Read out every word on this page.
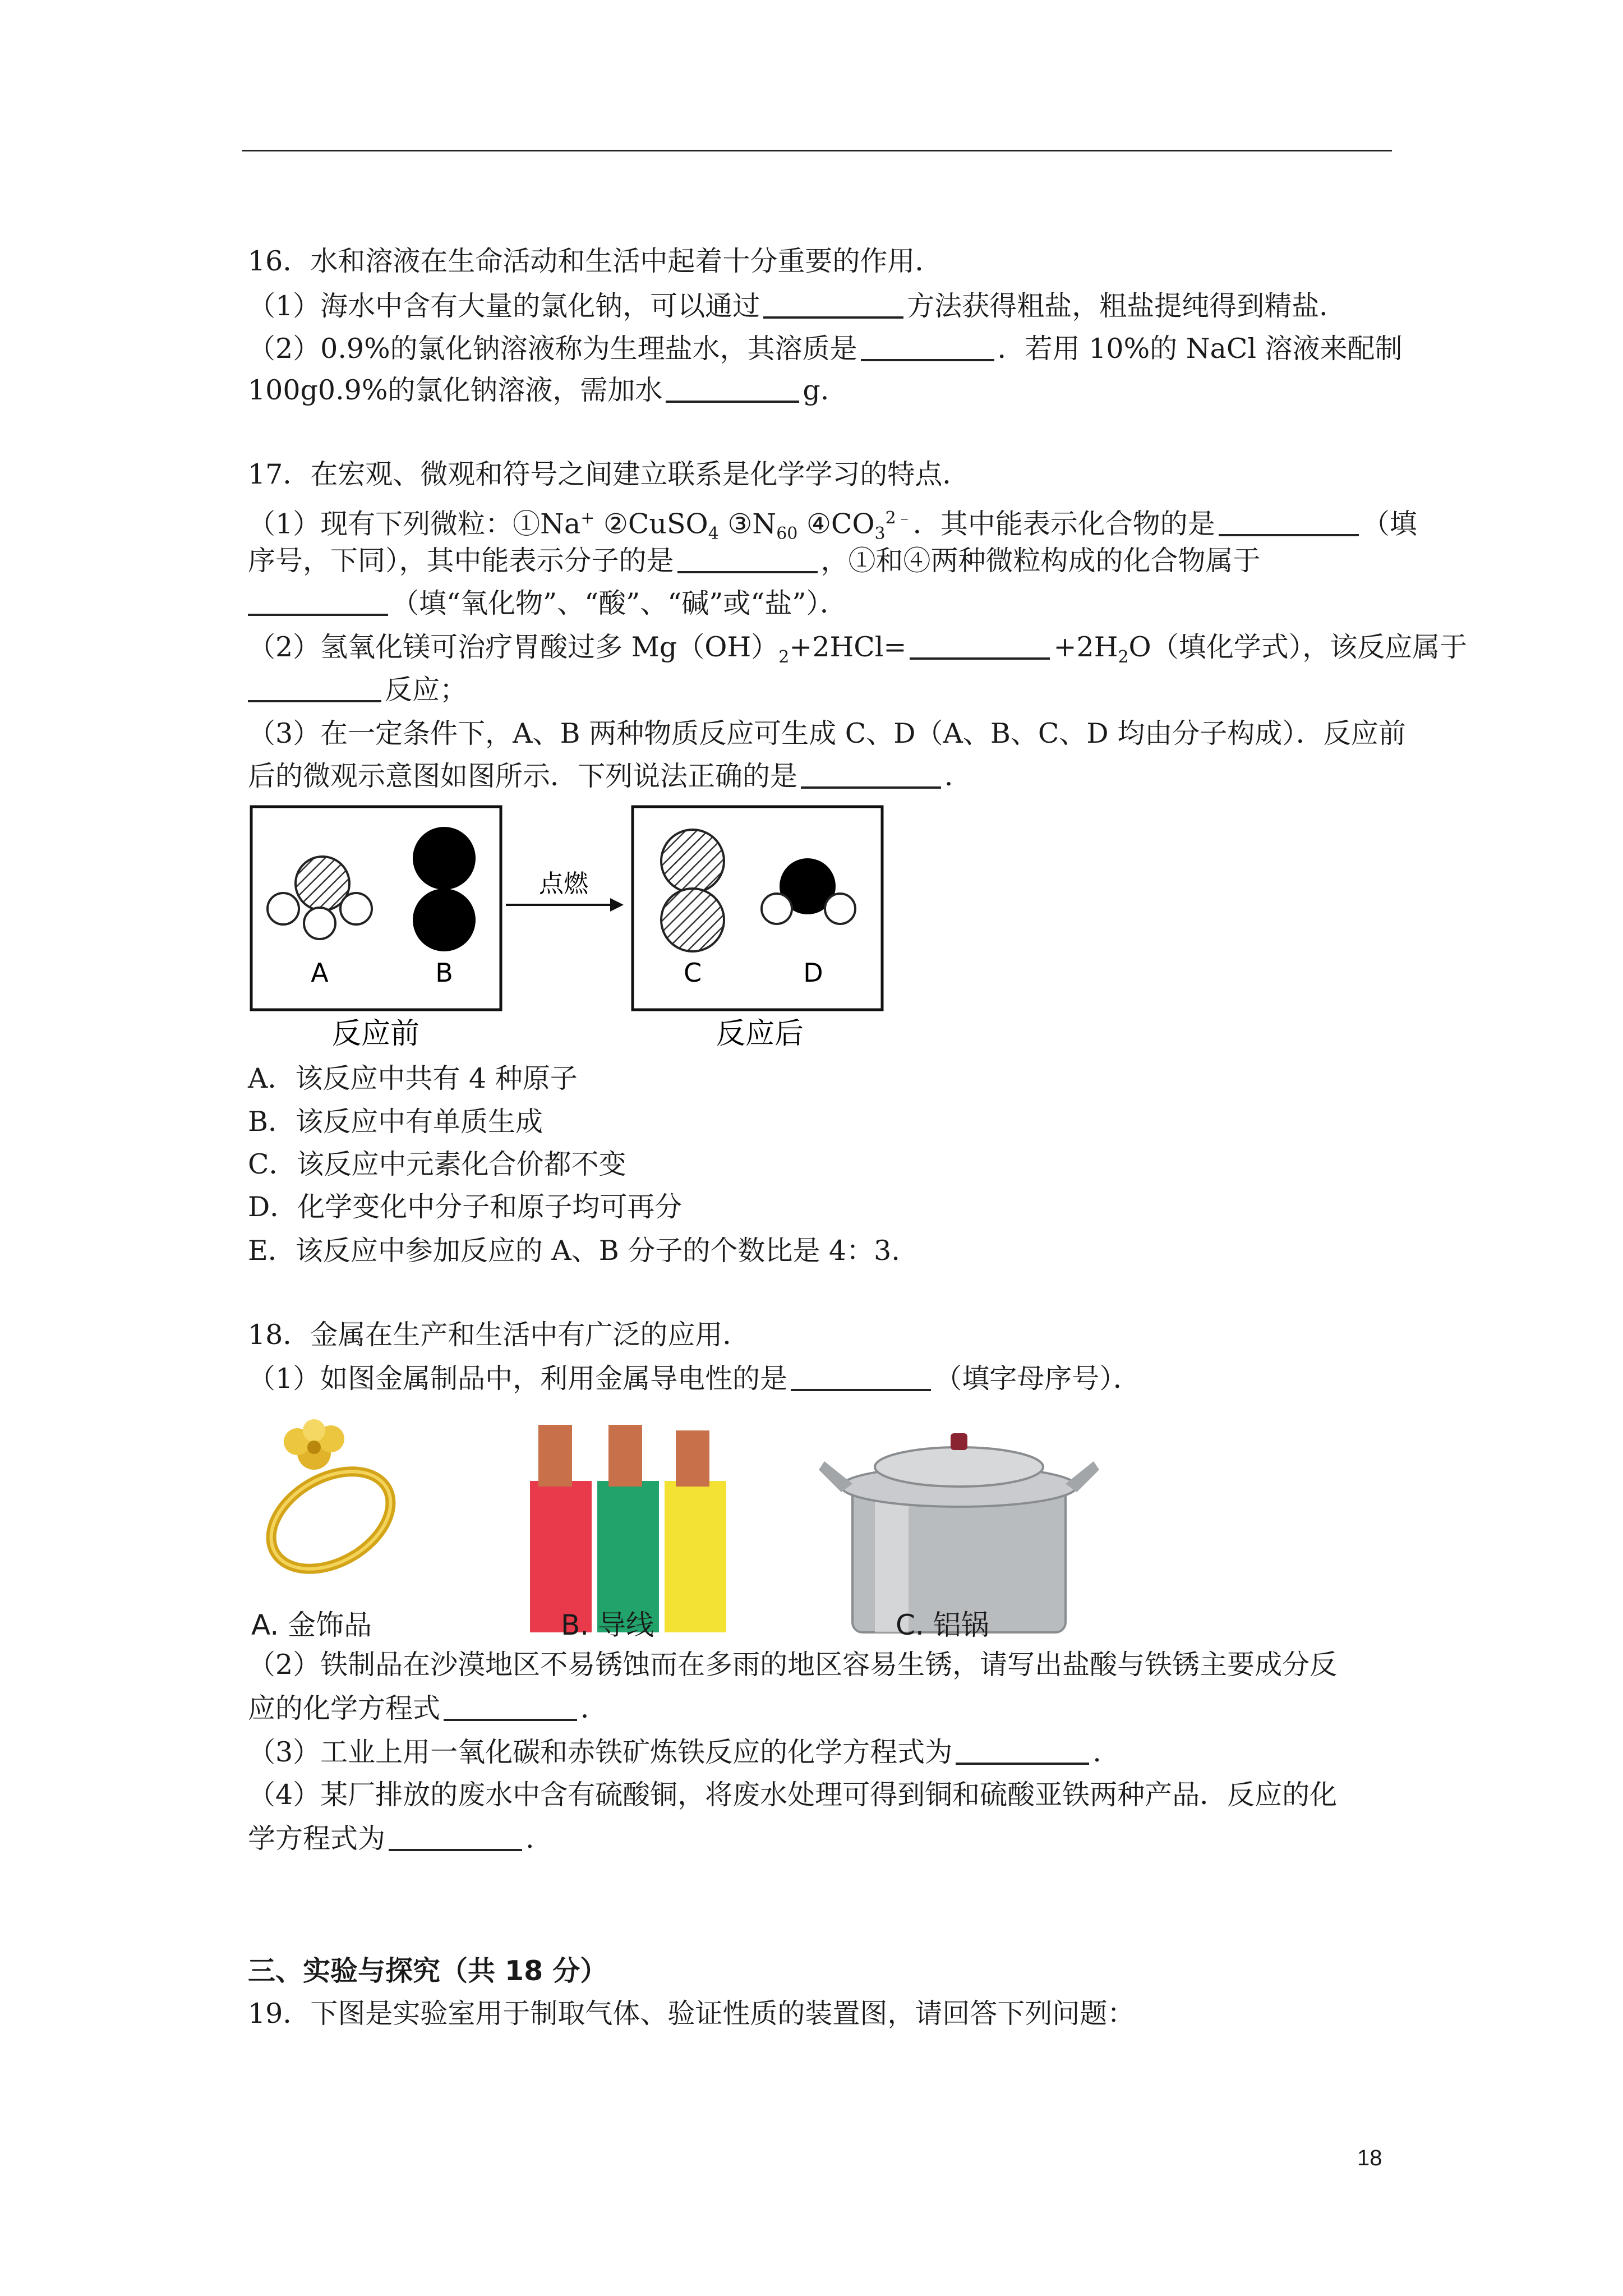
16．水和溶液在生命活动和生活中起着十分重要的作用．
（1）海水中含有大量的氯化钠，可以通过	方法获得粗盐，粗盐提纯得到精盐．
（2）0.9%的氯化钠溶液称为生理盐水，其溶质是	．若用 10%的 NaCl 溶液来配制
100g0.9%的氯化钠溶液，需加水	g.
17．在宏观、微观和符号之间建立联系是化学学习的特点．
（1）现有下列微粒：①Na+ ②CuSO$_4$ $③N_{60}$ $④CO_3^{2﹣}$．其中能表示化合物的是	（填
序号，下同），其中能表示分子的是	，①和④两种微粒构成的化合物属于
（填“氧化物”、“酸”、“碱”或“盐”）．
（2）氢氧化镁可治疗胃酸过多 $Mg(OH)_2+2HCl=$	$+2H_2O$（填化学式），该反应属于
反应；
（3）在一定条件下，A、B 两种物质反应可生成 C、D（A、B、C、D 均由分子构成）．反应前
后的微观示意图如图所示．下列说法正确的是	．
A	B
点燃
C	D
反应前	反应后
A．该反应中共有 4 种原子
B．该反应中有单质生成
C．该反应中元素化合价都不变
D．化学变化中分子和原子均可再分
E．该反应中参加反应的 A、B 分子的个数比是 4：3.
18．金属在生产和生活中有广泛的应用．
（1）如图金属制品中，利用金属导电性的是	（填字母序号）．
A. 金饰品	B. 导线	C. 铝锅
（2）铁制品在沙漠地区不易锈蚀而在多雨的地区容易生锈，请写出盐酸与铁锈主要成分反
应的化学方程式	．
（3）工业上用一氧化碳和赤铁矿炼铁反应的化学方程式为	.
（4）某厂排放的废水中含有硫酸铜，将废水处理可得到铜和硫酸亚铁两种产品．反应的化
学方程式为	.
三、实验与探究（共 18 分）
19．下图是实验室用于制取气体、验证性质的装置图，请回答下列问题：
18
